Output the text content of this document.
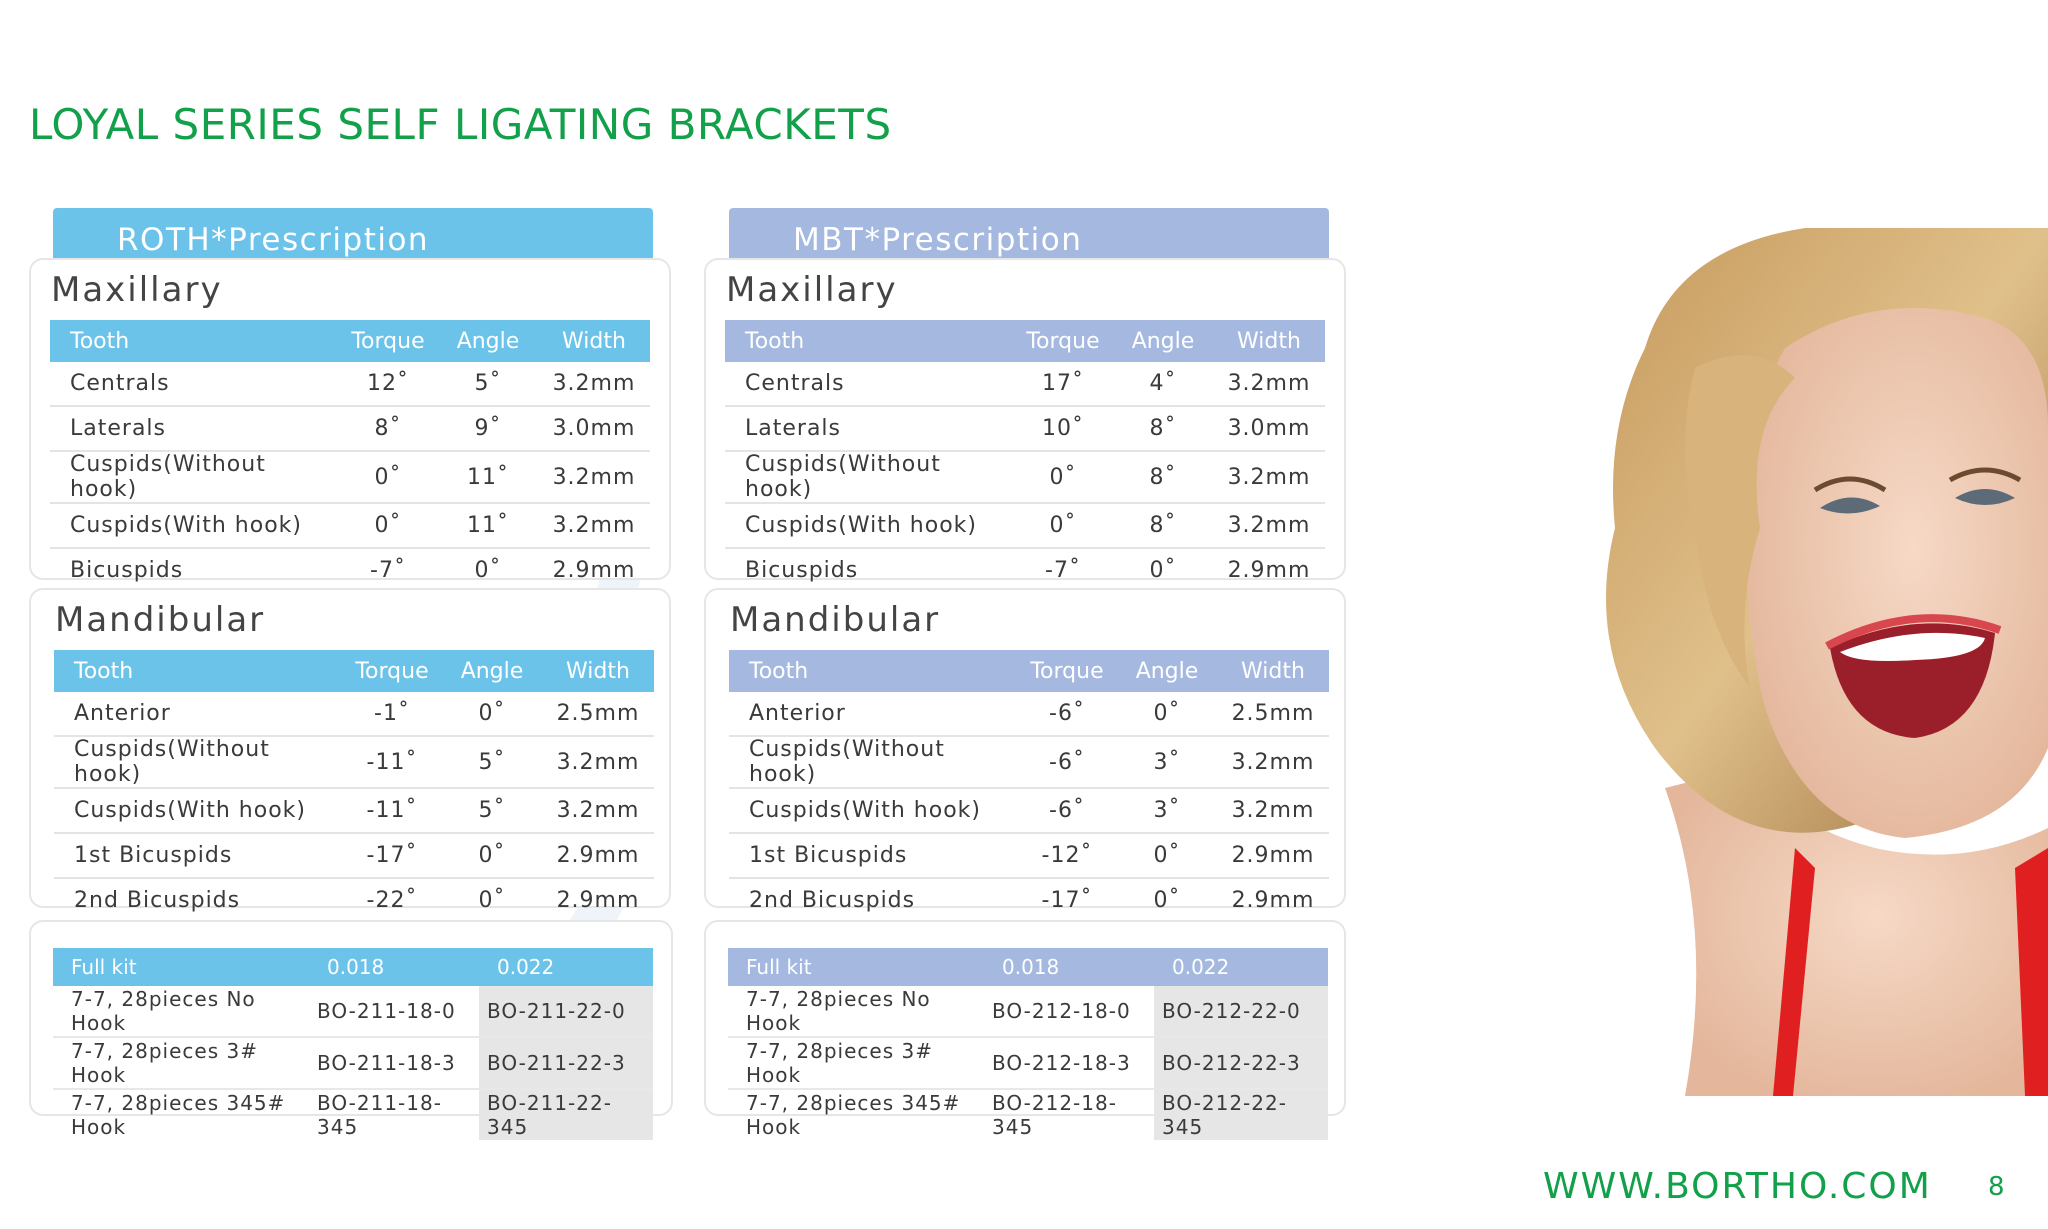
LOYAL SERIES SELF LIGATING BRACKETS
ROTH*Prescription
Maxillary
Tooth	Torque	Angle	Width
Centrals	12˚	5˚	3.2mm
Laterals	8˚	9˚	3.0mm
Cuspids(Without hook)	0˚	11˚	3.2mm
Cuspids(With hook)	0˚	11˚	3.2mm
Bicuspids	-7˚	0˚	2.9mm
Mandibular
Tooth	Torque	Angle	Width
Anterior	-1˚	0˚	2.5mm
Cuspids(Without hook)	-11˚	5˚	3.2mm
Cuspids(With hook)	-11˚	5˚	3.2mm
1st Bicuspids	-17˚	0˚	2.9mm
2nd Bicuspids	-22˚	0˚	2.9mm
Full kit	0.018	0.022
7-7, 28pieces No Hook	BO-211-18-0	BO-211-22-0
7-7, 28pieces 3# Hook	BO-211-18-3	BO-211-22-3
7-7, 28pieces 345# Hook	BO-211-18-345	BO-211-22-345
MBT*Prescription
Maxillary
Tooth	Torque	Angle	Width
Centrals	17˚	4˚	3.2mm
Laterals	10˚	8˚	3.0mm
Cuspids(Without hook)	0˚	8˚	3.2mm
Cuspids(With hook)	0˚	8˚	3.2mm
Bicuspids	-7˚	0˚	2.9mm
Mandibular
Tooth	Torque	Angle	Width
Anterior	-6˚	0˚	2.5mm
Cuspids(Without hook)	-6˚	3˚	3.2mm
Cuspids(With hook)	-6˚	3˚	3.2mm
1st Bicuspids	-12˚	0˚	2.9mm
2nd Bicuspids	-17˚	0˚	2.9mm
Full kit	0.018	0.022
7-7, 28pieces No Hook	BO-212-18-0	BO-212-22-0
7-7, 28pieces 3# Hook	BO-212-18-3	BO-212-22-3
7-7, 28pieces 345# Hook	BO-212-18-345	BO-212-22-345
WWW.BORTHO.COM 8
